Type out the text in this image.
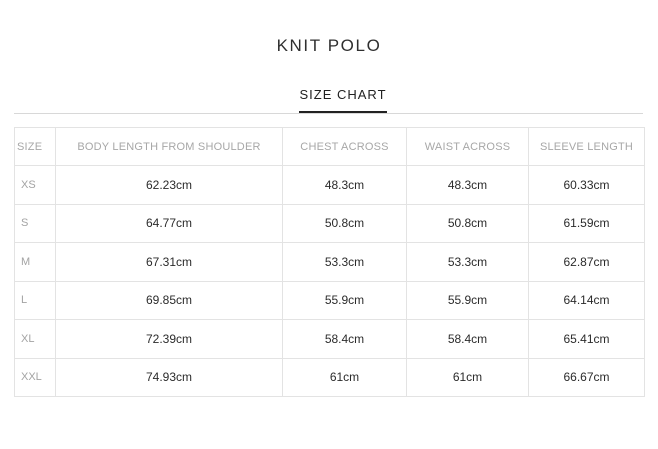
KNIT POLO
SIZE CHART
SIZE	BODY LENGTH FROM SHOULDER	CHEST ACROSS	WAIST ACROSS	SLEEVE LENGTH
XS	62.23cm	48.3cm	48.3cm	60.33cm
S	64.77cm	50.8cm	50.8cm	61.59cm
M	67.31cm	53.3cm	53.3cm	62.87cm
L	69.85cm	55.9cm	55.9cm	64.14cm
XL	72.39cm	58.4cm	58.4cm	65.41cm
XXL	74.93cm	61cm	61cm	66.67cm
